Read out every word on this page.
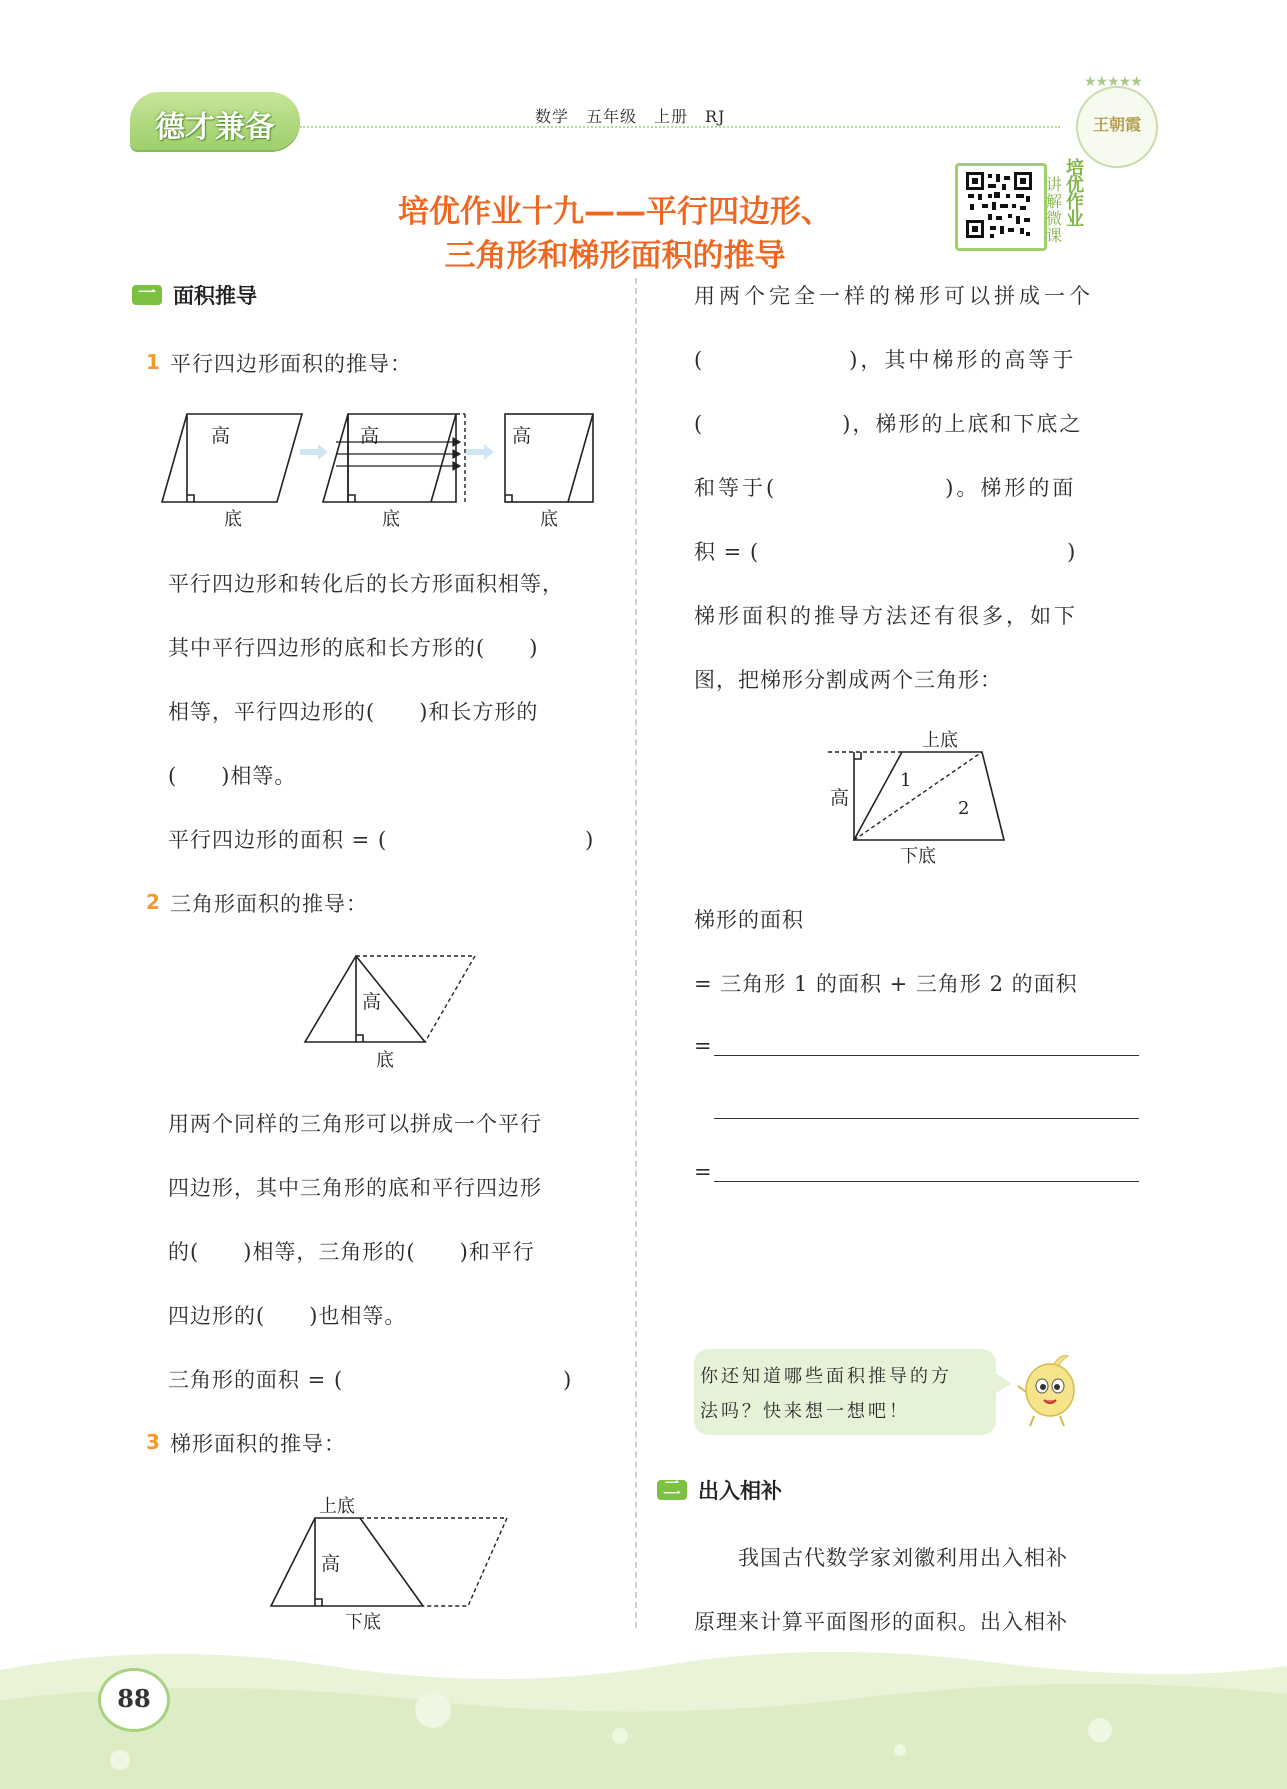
德才兼备	数学　五年级　上册　RJ
★★★★★
王朝霞
培优作业十九——平行四边形、
三角形和梯形面积的推导
培优作业
讲解微课
一 面积推导
1 平行四边形面积的推导：
高	高	高
底	底	底
平行四边形和转化后的长方形面积相等，
其中平行四边形的底和长方形的(　　)
相等，平行四边形的(　　)和长方形的
(　　)相等。
平行四边形的面积 = (　　　　　　　　　)
2 三角形面积的推导：
高
底
用两个同样的三角形可以拼成一个平行
四边形，其中三角形的底和平行四边形
的(　　)相等，三角形的(　　)和平行
四边形的(　　)也相等。
三角形的面积 = (　　　　　　　　　　)
3 梯形面积的推导：
上底
高
下底
用两个完全一样的梯形可以拼成一个
(　　　　　　)，其中梯形的高等于
(　　　　　　)，梯形的上底和下底之
和等于(　　　　　　　)。梯形的面
积 = (　　　　　　　　　　　　　　)
梯形面积的推导方法还有很多，如下
图，把梯形分割成两个三角形：
上底
高
1
2
下底
梯形的面积
= 三角形 1 的面积 + 三角形 2 的面积
=
=
你还知道哪些面积推导的方
法吗？快来想一想吧！
二 出入相补
　　我国古代数学家刘徽利用出入相补
原理来计算平面图形的面积。出入相补
88
